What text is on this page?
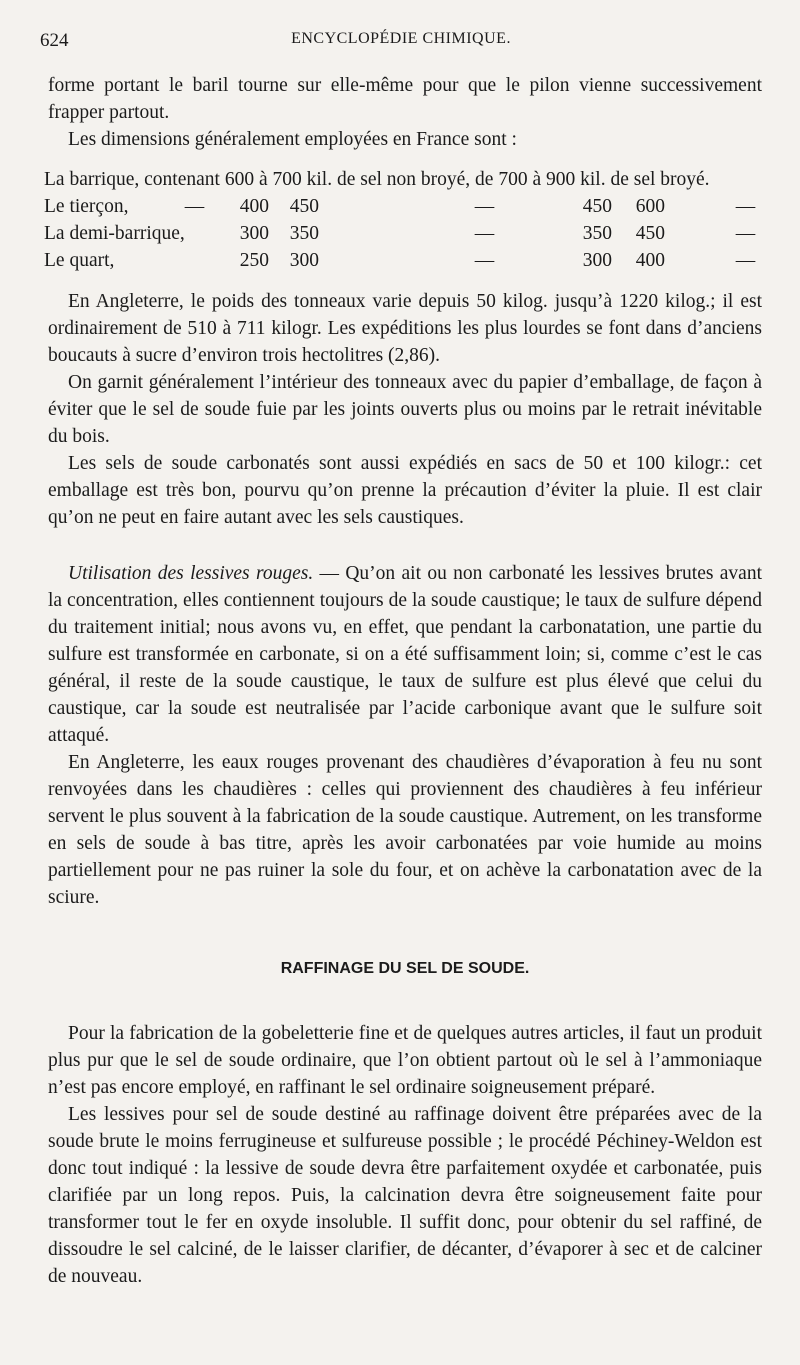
624	ENCYCLOPÉDIE CHIMIQUE.

forme portant le baril tourne sur elle-même pour que le pilon vienne successivement frapper partout.

Les dimensions généralement employées en France sont :

La barrique, contenant 600 à 700 kil. de sel non broyé, de 700 à 900 kil. de sel broyé.
Le tierçon,	—	400	450	—	450	600	—
La demi-barrique,		300	350	—	350	450	—
Le quart,		250	300	—	300	400	—

En Angleterre, le poids des tonneaux varie depuis 50 kilog. jusqu’à 1220 kilog.; il est ordinairement de 510 à 711 kilogr. Les expéditions les plus lourdes se font dans d’anciens boucauts à sucre d’environ trois hectolitres (2,86).

On garnit généralement l’intérieur des tonneaux avec du papier d’emballage, de façon à éviter que le sel de soude fuie par les joints ouverts plus ou moins par le retrait inévitable du bois.

Les sels de soude carbonatés sont aussi expédiés en sacs de 50 et 100 kilogr.: cet emballage est très bon, pourvu qu’on prenne la précaution d’éviter la pluie. Il est clair qu’on ne peut en faire autant avec les sels caustiques.

Utilisation des lessives rouges. — Qu’on ait ou non carbonaté les lessives brutes avant la concentration, elles contiennent toujours de la soude caustique; le taux de sulfure dépend du traitement initial; nous avons vu, en effet, que pendant la carbonatation, une partie du sulfure est transformée en carbonate, si on a été suffisamment loin; si, comme c’est le cas général, il reste de la soude caustique, le taux de sulfure est plus élevé que celui du caustique, car la soude est neutralisée par l’acide carbonique avant que le sulfure soit attaqué.

En Angleterre, les eaux rouges provenant des chaudières d’évaporation à feu nu sont renvoyées dans les chaudières : celles qui proviennent des chaudières à feu inférieur servent le plus souvent à la fabrication de la soude caustique. Autrement, on les transforme en sels de soude à bas titre, après les avoir carbonatées par voie humide au moins partiellement pour ne pas ruiner la sole du four, et on achève la carbonatation avec de la sciure.

RAFFINAGE DU SEL DE SOUDE.

Pour la fabrication de la gobeletterie fine et de quelques autres articles, il faut un produit plus pur que le sel de soude ordinaire, que l’on obtient partout où le sel à l’ammoniaque n’est pas encore employé, en raffinant le sel ordinaire soigneusement préparé.

Les lessives pour sel de soude destiné au raffinage doivent être préparées avec de la soude brute le moins ferrugineuse et sulfureuse possible ; le procédé Péchiney-Weldon est donc tout indiqué : la lessive de soude devra être parfaitement oxydée et carbonatée, puis clarifiée par un long repos. Puis, la calcination devra être soigneusement faite pour transformer tout le fer en oxyde insoluble. Il suffit donc, pour obtenir du sel raffiné, de dissoudre le sel calciné, de le laisser clarifier, de décanter, d’évaporer à sec et de calciner de nouveau.
